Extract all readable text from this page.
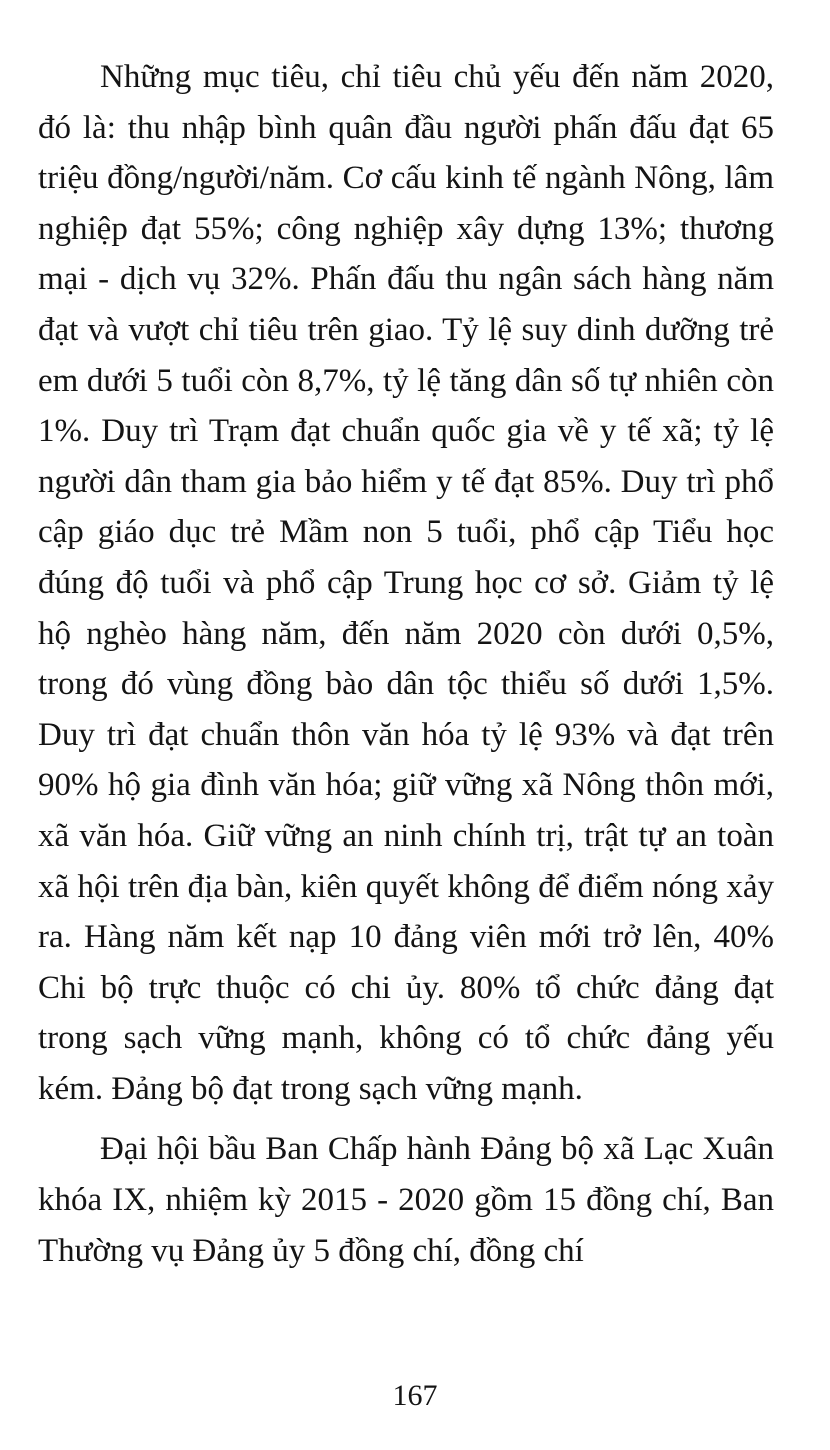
Những mục tiêu, chỉ tiêu chủ yếu đến năm 2020, đó là: thu nhập bình quân đầu người phấn đấu đạt 65 triệu đồng/người/năm. Cơ cấu kinh tế ngành Nông, lâm nghiệp đạt 55%; công nghiệp xây dựng 13%; thương mại - dịch vụ 32%. Phấn đấu thu ngân sách hàng năm đạt và vượt chỉ tiêu trên giao. Tỷ lệ suy dinh dưỡng trẻ em dưới 5 tuổi còn 8,7%, tỷ lệ tăng dân số tự nhiên còn 1%. Duy trì Trạm đạt chuẩn quốc gia về y tế xã; tỷ lệ người dân tham gia bảo hiểm y tế đạt 85%. Duy trì phổ cập giáo dục trẻ Mầm non 5 tuổi, phổ cập Tiểu học đúng độ tuổi và phổ cập Trung học cơ sở. Giảm tỷ lệ hộ nghèo hàng năm, đến năm 2020 còn dưới 0,5%, trong đó vùng đồng bào dân tộc thiểu số dưới 1,5%. Duy trì đạt chuẩn thôn văn hóa tỷ lệ 93% và đạt trên 90% hộ gia đình văn hóa; giữ vững xã Nông thôn mới, xã văn hóa. Giữ vững an ninh chính trị, trật tự an toàn xã hội trên địa bàn, kiên quyết không để điểm nóng xảy ra. Hàng năm kết nạp 10 đảng viên mới trở lên, 40% Chi bộ trực thuộc có chi ủy. 80% tổ chức đảng đạt trong sạch vững mạnh, không có tổ chức đảng yếu kém. Đảng bộ đạt trong sạch vững mạnh.

Đại hội bầu Ban Chấp hành Đảng bộ xã Lạc Xuân khóa IX, nhiệm kỳ 2015 - 2020 gồm 15 đồng chí, Ban Thường vụ Đảng ủy 5 đồng chí, đồng chí

167
